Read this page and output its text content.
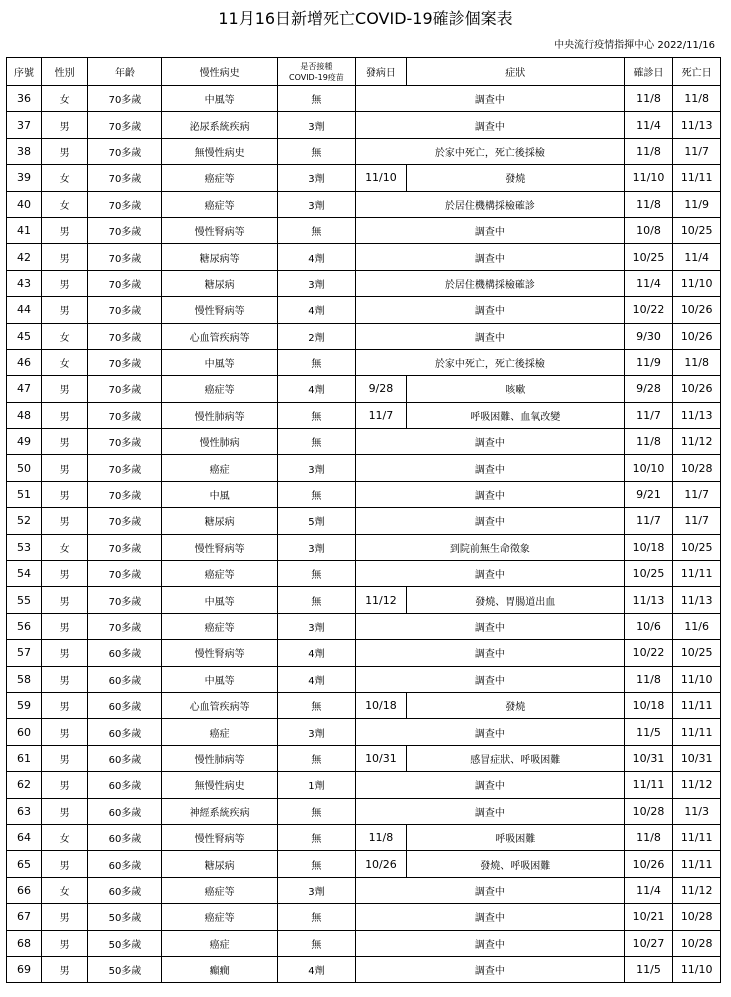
11月16日新增死亡COVID-19確診個案表
中央流行疫情指揮中心 2022/11/16
序號	性別	年齡	慢性病史	是否接種
COVID-19疫苗	發病日	症狀	確診日	死亡日
36	女	70多歲	中風等	無	調查中		11/8	11/8
37	男	70多歲	泌尿系統疾病	3劑	調查中		11/4	11/13
38	男	70多歲	無慢性病史	無	於家中死亡，死亡後採檢		11/8	11/7
39	女	70多歲	癌症等	3劑	11/10	發燒	11/10	11/11
40	女	70多歲	癌症等	3劑	於居住機構採檢確診		11/8	11/9
41	男	70多歲	慢性腎病等	無	調查中		10/8	10/25
42	男	70多歲	糖尿病等	4劑	調查中		10/25	11/4
43	男	70多歲	糖尿病	3劑	於居住機構採檢確診		11/4	11/10
44	男	70多歲	慢性腎病等	4劑	調查中		10/22	10/26
45	女	70多歲	心血管疾病等	2劑	調查中		9/30	10/26
46	女	70多歲	中風等	無	於家中死亡，死亡後採檢		11/9	11/8
47	男	70多歲	癌症等	4劑	9/28	咳嗽	9/28	10/26
48	男	70多歲	慢性肺病等	無	11/7	呼吸困難、血氧改變	11/7	11/13
49	男	70多歲	慢性肺病	無	調查中		11/8	11/12
50	男	70多歲	癌症	3劑	調查中		10/10	10/28
51	男	70多歲	中風	無	調查中		9/21	11/7
52	男	70多歲	糖尿病	5劑	調查中		11/7	11/7
53	女	70多歲	慢性腎病等	3劑	到院前無生命徵象		10/18	10/25
54	男	70多歲	癌症等	無	調查中		10/25	11/11
55	男	70多歲	中風等	無	11/12	發燒、胃腸道出血	11/13	11/13
56	男	70多歲	癌症等	3劑	調查中		10/6	11/6
57	男	60多歲	慢性腎病等	4劑	調查中		10/22	10/25
58	男	60多歲	中風等	4劑	調查中		11/8	11/10
59	男	60多歲	心血管疾病等	無	10/18	發燒	10/18	11/11
60	男	60多歲	癌症	3劑	調查中		11/5	11/11
61	男	60多歲	慢性肺病等	無	10/31	感冒症狀、呼吸困難	10/31	10/31
62	男	60多歲	無慢性病史	1劑	調查中		11/11	11/12
63	男	60多歲	神經系統疾病	無	調查中		10/28	11/3
64	女	60多歲	慢性腎病等	無	11/8	呼吸困難	11/8	11/11
65	男	60多歲	糖尿病	無	10/26	發燒、呼吸困難	10/26	11/11
66	女	60多歲	癌症等	3劑	調查中		11/4	11/12
67	男	50多歲	癌症等	無	調查中		10/21	10/28
68	男	50多歲	癌症	無	調查中		10/27	10/28
69	男	50多歲	癲癇	4劑	調查中		11/5	11/10
